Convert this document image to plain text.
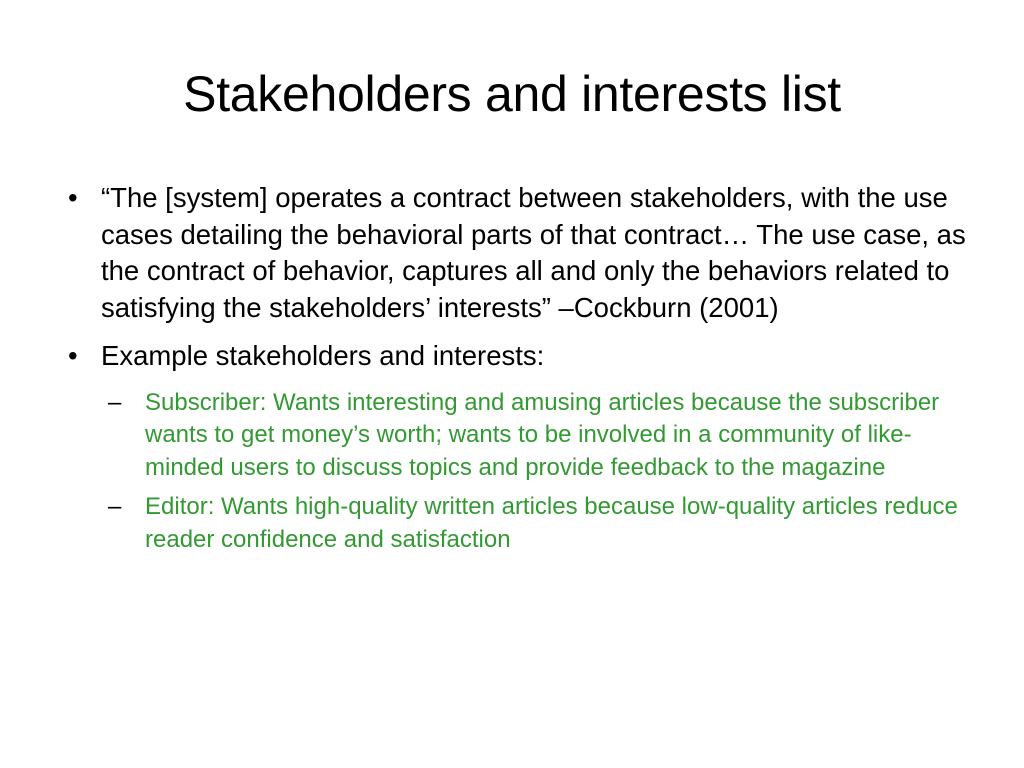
Stakeholders and interests list
• “The [system] operates a contract between stakeholders, with the use cases detailing the behavioral parts of that contract… The use case, as the contract of behavior, captures all and only the behaviors related to satisfying the stakeholders’ interests” –Cockburn (2001)
• Example stakeholders and interests:
– Subscriber: Wants interesting and amusing articles because the subscriber wants to get money’s worth; wants to be involved in a community of like-minded users to discuss topics and provide feedback to the magazine
– Editor: Wants high-quality written articles because low-quality articles reduce reader confidence and satisfaction
